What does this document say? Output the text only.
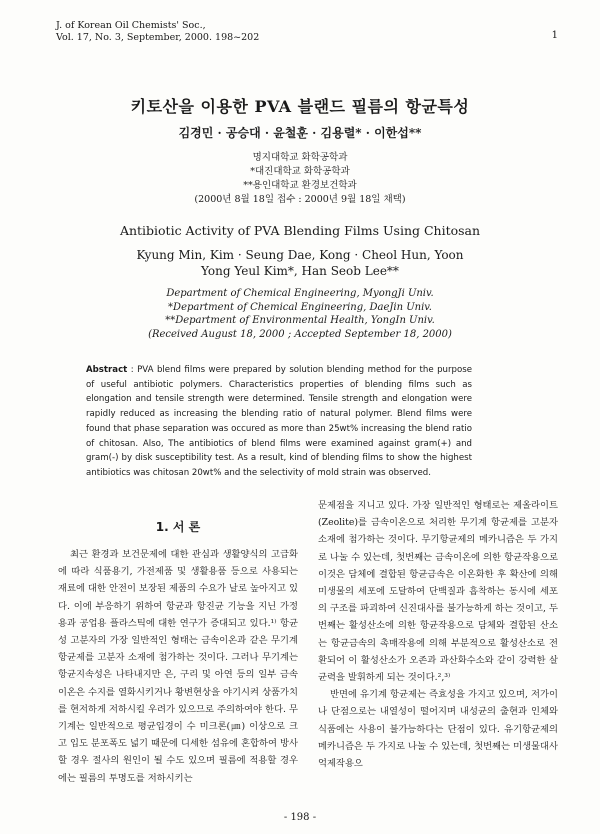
J. of Korean Oil Chemists' Soc.,
Vol. 17, No. 3, September, 2000. 198~202	1
키토산을 이용한 PVA 블랜드 필름의 항균특성
김경민 · 공승대 · 윤철훈 · 김용렬* · 이한섭**
명지대학교 화학공학과
*대진대학교 화학공학과
**용인대학교 환경보건학과
(2000년 8월 18일 접수 : 2000년 9월 18일 채택)
Antibiotic Activity of PVA Blending Films Using Chitosan
Kyung Min, Kim · Seung Dae, Kong · Cheol Hun, Yoon
Yong Yeul Kim*, Han Seob Lee**
Department of Chemical Engineering, MyongJi Univ.
*Department of Chemical Engineering, DaeJin Univ.
**Department of Environmental Health, YongIn Univ.
(Received August 18, 2000 ; Accepted September 18, 2000)
Abstract : PVA blend films were prepared by solution blending method for the purpose of useful antibiotic polymers. Characteristics properties of blending films such as elongation and tensile strength were determined. Tensile strength and elongation were rapidly reduced as increasing the blending ratio of natural polymer. Blend films were found that phase separation was occured as more than 25wt% increasing the blend ratio of chitosan. Also, The antibiotics of blend films were examined against gram(+) and gram(-) by disk susceptibility test. As a result, kind of blending films to show the highest antibiotics was chitosan 20wt% and the selectivity of mold strain was observed.
1. 서 론

최근 환경과 보건문제에 대한 관심과 생활양식의 고급화에 따라 식품용기, 가전제품 및 생활용품 등으로 사용되는 재료에 대한 안전이 보장된 제품의 수요가 날로 높아지고 있다. 이에 부응하기 위하여 항균과 항진균 기능을 지닌 가정용과 공업용 플라스틱에 대한 연구가 증대되고 있다.¹⁾ 항균성 고분자의 가장 일반적인 형태는 금속이온과 같은 무기계 항균제를 고분자 소재에 첨가하는 것이다. 그러나 무기계는 항균지속성은 나타내지만 은, 구리 및 아연 등의 일부 금속이온은 수지를 열화시키거나 황변현상을 야기시켜 상품가치를 현저하게 저하시킬 우려가 있으므로 주의하여야 한다. 무기계는 일반적으로 평균입경이 수 미크론(㎛) 이상으로 크고 입도 분포폭도 넓기 때문에 디세한 섬유에 혼합하여 방사할 경우 절사의 원인이 될 수도 있으며 필름에 적용할 경우에는 필름의 투명도를 저하시키는

문제점을 지니고 있다. 가장 일반적인 형태로는 제올라이트(Zeolite)를 금속이온으로 처리한 무기계 항균제를 고분자 소재에 첨가하는 것이다. 무기항균제의 메카니즘은 두 가지로 나눌 수 있는데, 첫번째는 금속이온에 의한 항균작용으로 이것은 담체에 결합된 항균금속은 이온화한 후 확산에 의해 미생물의 세포에 도달하여 단백질과 흡착하는 동시에 세포의 구조를 파괴하여 신진대사를 불가능하게 하는 것이고, 두번째는 활성산소에 의한 항균작용으로 담체와 결합된 산소는 항균금속의 촉매작용에 의해 부분적으로 활성산소로 전환되어 이 활성산소가 오존과 과산화수소와 같이 강력한 살균력을 발휘하게 되는 것이다.²,³⁾

반면에 유기계 항균제는 즉효성을 가지고 있으며, 저가이나 단점으로는 내열성이 떨어지며 내성균의 출현과 인체와 식품에는 사용이 불가능하다는 단점이 있다. 유기항균제의 메카니즘은 두 가지로 나눌 수 있는데, 첫번째는 미생물대사 억제작용으

- 198 -
